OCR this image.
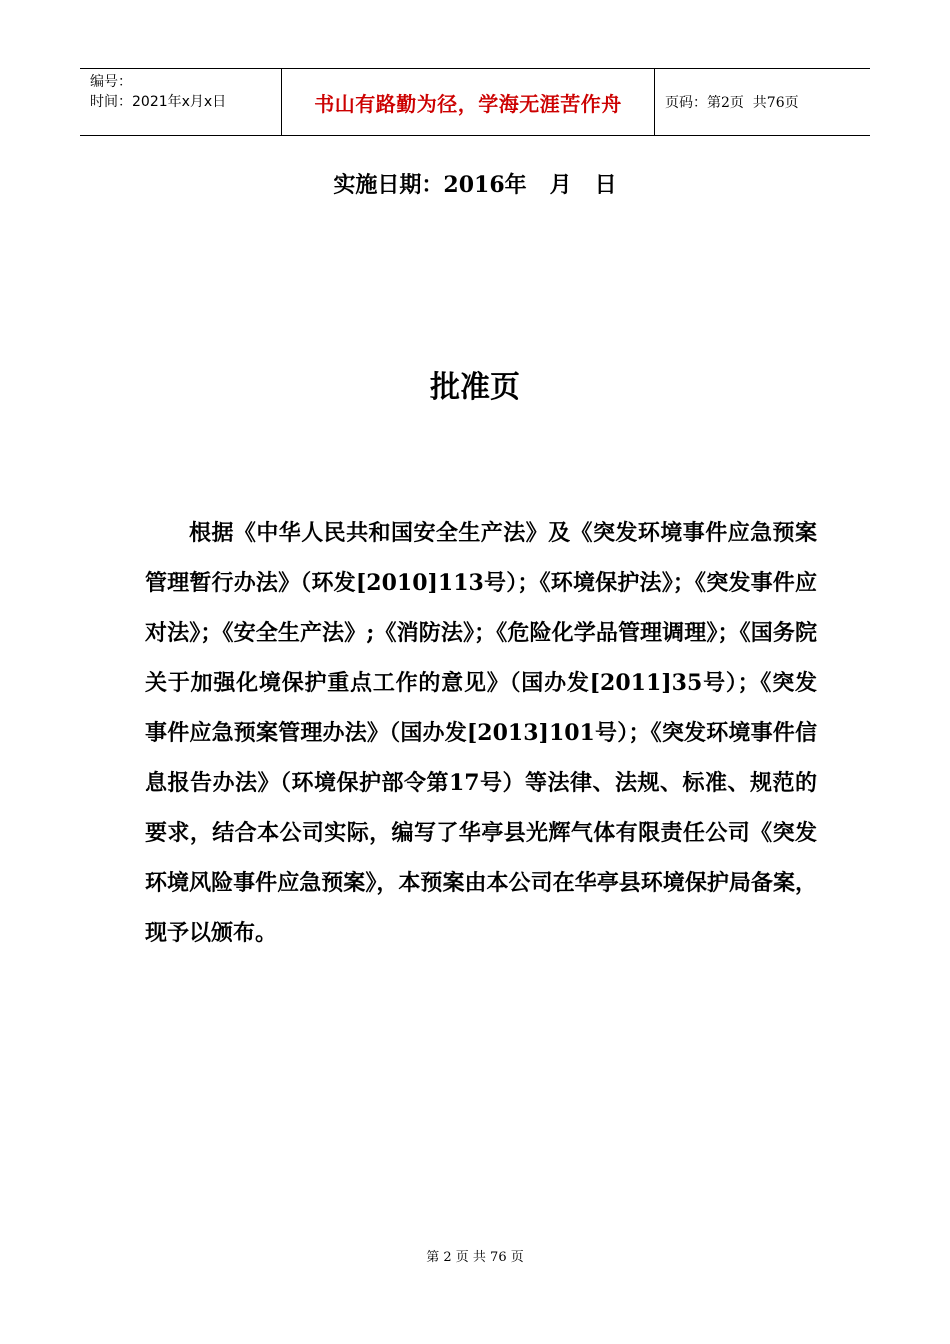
编号：
时间：2021年x月x日	书山有路勤为径，学海无涯苦作舟	页码：第2页  共76页
实施日期：2016年   月   日
批准页
根据《中华人民共和国安全生产法》及《突发环境事件应急预案管理暂行办法》（环发[2010]113号）；《环境保护法》；《突发事件应对法》；《安全生产法》;《消防法》；《危险化学品管理调理》；《国务院关于加强化境保护重点工作的意见》（国办发[2011]35号）；《突发事件应急预案管理办法》（国办发[2013]101号）；《突发环境事件信息报告办法》（环境保护部令第17号）等法律、法规、标准、规范的要求，结合本公司实际，编写了华亭县光辉气体有限责任公司《突发环境风险事件应急预案》，本预案由本公司在华亭县环境保护局备案，现予以颁布。
第 2 页 共 76 页
